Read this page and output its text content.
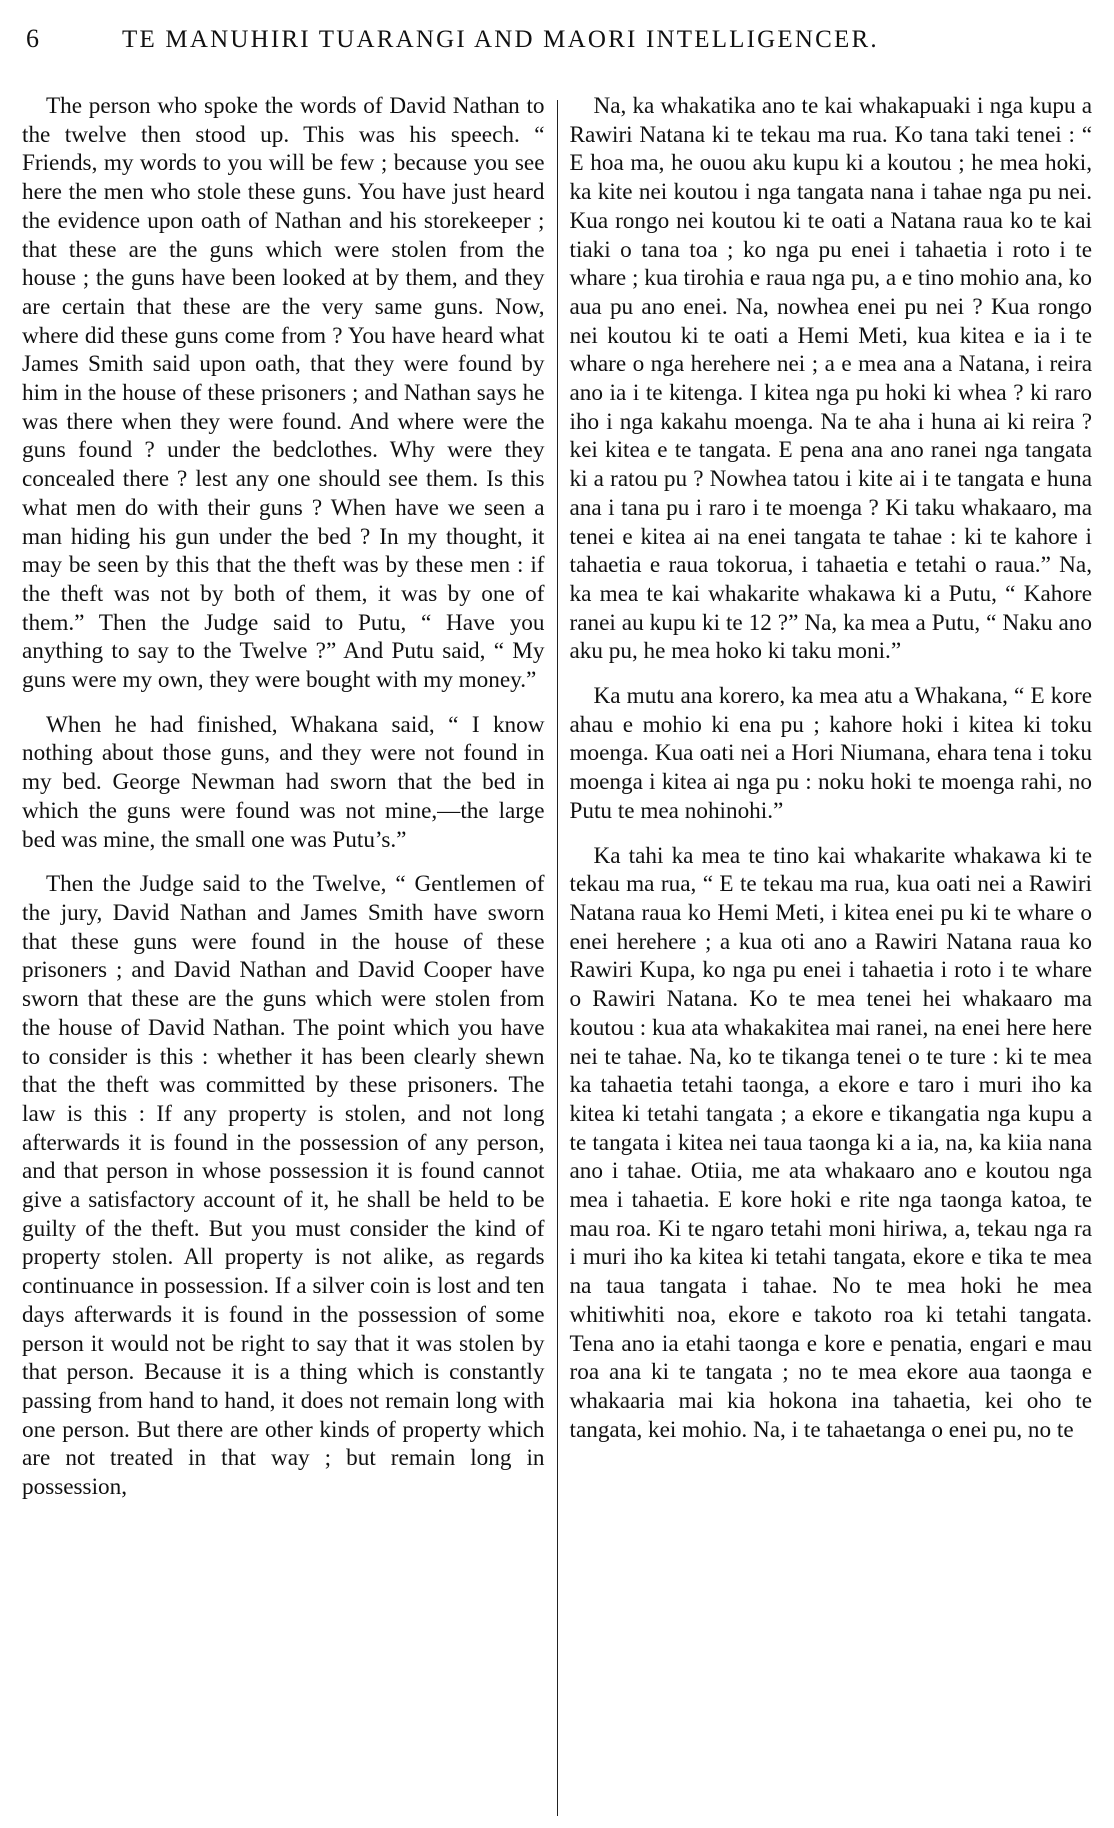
6	TE MANUHIRI TUARANGI AND MAORI INTELLIGENCER.

The person who spoke the words of David Nathan to the twelve then stood up. This was his speech. “ Friends, my words to you will be few ; because you see here the men who stole these guns. You have just heard the evidence upon oath of Nathan and his storekeeper ; that these are the guns which were stolen from the house ; the guns have been looked at by them, and they are certain that these are the very same guns. Now, where did these guns come from ? You have heard what James Smith said upon oath, that they were found by him in the house of these prisoners ; and Nathan says he was there when they were found. And where were the guns found ? under the bedclothes. Why were they concealed there ? lest any one should see them. Is this what men do with their guns ? When have we seen a man hiding his gun under the bed ? In my thought, it may be seen by this that the theft was by these men : if the theft was not by both of them, it was by one of them.” Then the Judge said to Putu, “ Have you anything to say to the Twelve ?” And Putu said, “ My guns were my own, they were bought with my money.”

When he had finished, Whakana said, “ I know nothing about those guns, and they were not found in my bed. George Newman had sworn that the bed in which the guns were found was not mine,—the large bed was mine, the small one was Putu’s.”

Then the Judge said to the Twelve, “ Gentlemen of the jury, David Nathan and James Smith have sworn that these guns were found in the house of these prisoners ; and David Nathan and David Cooper have sworn that these are the guns which were stolen from the house of David Nathan. The point which you have to consider is this : whether it has been clearly shewn that the theft was committed by these prisoners. The law is this : If any property is stolen, and not long afterwards it is found in the possession of any person, and that person in whose possession it is found cannot give a satisfactory account of it, he shall be held to be guilty of the theft. But you must consider the kind of property stolen. All property is not alike, as regards continuance in possession. If a silver coin is lost and ten days afterwards it is found in the possession of some person it would not be right to say that it was stolen by that person. Because it is a thing which is constantly passing from hand to hand, it does not remain long with one person. But there are other kinds of property which are not treated in that way ; but remain long in possession,

Na, ka whakatika ano te kai whakapuaki i nga kupu a Rawiri Natana ki te tekau ma rua. Ko tana taki tenei : “ E hoa ma, he ouou aku kupu ki a koutou ; he mea hoki, ka kite nei koutou i nga tangata nana i tahae nga pu nei. Kua rongo nei koutou ki te oati a Natana raua ko te kai tiaki o tana toa ; ko nga pu enei i tahaetia i roto i te whare ; kua tirohia e raua nga pu, a e tino mohio ana, ko aua pu ano enei. Na, nowhea enei pu nei ? Kua rongo nei koutou ki te oati a Hemi Meti, kua kitea e ia i te whare o nga herehere nei ; a e mea ana a Natana, i reira ano ia i te kitenga. I kitea nga pu hoki ki whea ? ki raro iho i nga kakahu moenga. Na te aha i huna ai ki reira ? kei kitea e te tangata. E pena ana ano ranei nga tangata ki a ratou pu ? Nowhea tatou i kite ai i te tangata e huna ana i tana pu i raro i te moenga ? Ki taku whakaaro, ma tenei e kitea ai na enei tangata te tahae : ki te kahore i tahaetia e raua tokorua, i tahaetia e tetahi o raua.” Na, ka mea te kai whakarite whakawa ki a Putu, “ Kahore ranei au kupu ki te 12 ?” Na, ka mea a Putu, “ Naku ano aku pu, he mea hoko ki taku moni.”

Ka mutu ana korero, ka mea atu a Whakana, “ E kore ahau e mohio ki ena pu ; kahore hoki i kitea ki toku moenga. Kua oati nei a Hori Niumana, ehara tena i toku moenga i kitea ai nga pu : noku hoki te moenga rahi, no Putu te mea nohinohi.”

Ka tahi ka mea te tino kai whakarite whakawa ki te tekau ma rua, “ E te tekau ma rua, kua oati nei a Rawiri Natana raua ko Hemi Meti, i kitea enei pu ki te whare o enei herehere ; a kua oti ano a Rawiri Natana raua ko Rawiri Kupa, ko nga pu enei i tahaetia i roto i te whare o Rawiri Natana. Ko te mea tenei hei whakaaro ma koutou : kua ata whakakitea mai ranei, na enei here here nei te tahae. Na, ko te tikanga tenei o te ture : ki te mea ka tahaetia tetahi taonga, a ekore e taro i muri iho ka kitea ki tetahi tangata ; a ekore e tikangatia nga kupu a te tangata i kitea nei taua taonga ki a ia, na, ka kiia nana ano i tahae. Otiia, me ata whakaaro ano e koutou nga mea i tahaetia. E kore hoki e rite nga taonga katoa, te mau roa. Ki te ngaro tetahi moni hiriwa, a, tekau nga ra i muri iho ka kitea ki tetahi tangata, ekore e tika te mea na taua tangata i tahae. No te mea hoki he mea whitiwhiti noa, ekore e takoto roa ki tetahi tangata. Tena ano ia etahi taonga e kore e penatia, engari e mau roa ana ki te tangata ; no te mea ekore aua taonga e whakaaria mai kia hokona ina tahaetia, kei oho te tangata, kei mohio. Na, i te tahaetanga o enei pu, no te
